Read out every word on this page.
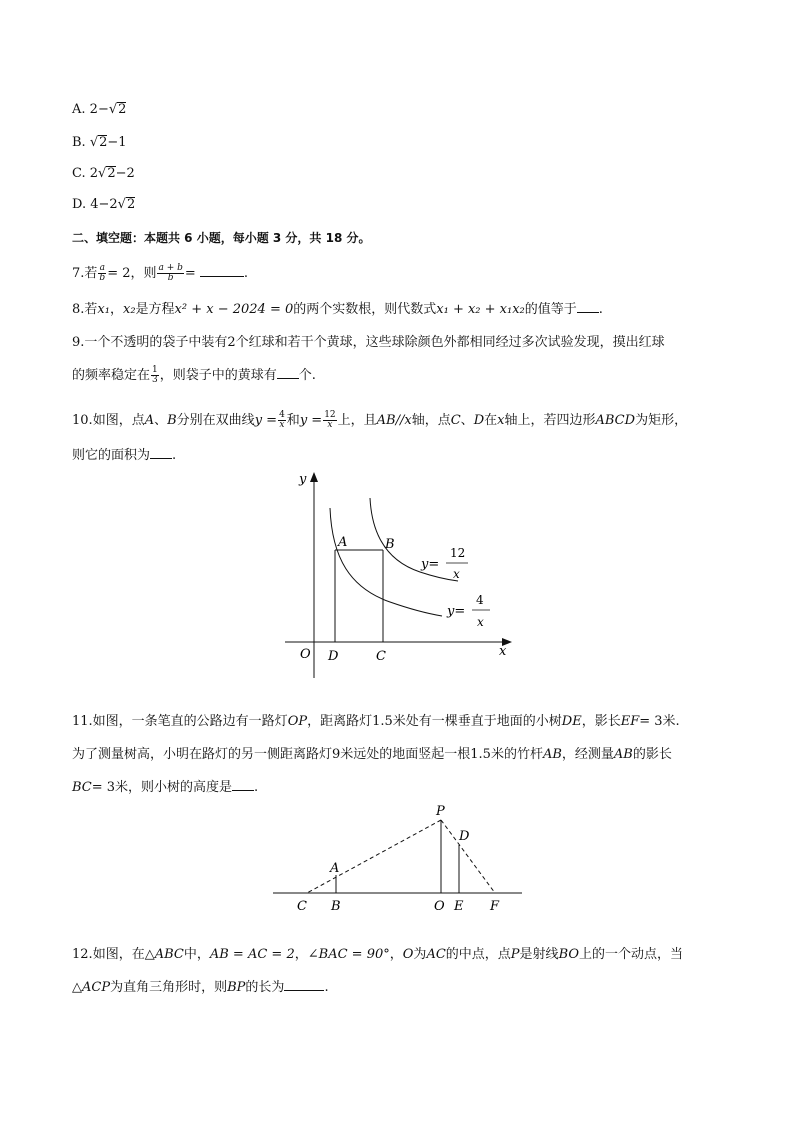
A. 2−√2
B. √2−1
C. 2√2−2
D. 4−2√2
二、填空题：本题共 6 小题，每小题 3 分，共 18 分。
7.若 $\frac{a}{b} = 2$，则 $\frac{a + b}{b}$ =	.
8.若x₁，x₂是方程x² + x − 2024 = 0的两个实数根，则代数式x₁ + x₂ + x₁x₂的值等于 .
9.一个不透明的袋子中装有2个红球和若干个黄球，这些球除颜色外都相同经过多次试验发现，摸出红球
的频率稳定在 $\frac{1}{3}$ ，则袋子中的黄球有 个.
10.如图，点A、B分别在双曲线$y = \frac{4}{x}$ 和$y = \frac{12}{x}$ 上，且AB//x轴，点C、D在x轴上，若四边形ABCD为矩形，
则它的面积为 .
y
x
O
A	B
D	C
y=
12
x
y=
4
x
11.如图，一条笔直的公路边有一路灯OP，距离路灯1.5米处有一棵垂直于地面的小树DE，影长EF= 3米.
为了测量树高，小明在路灯的另一侧距离路灯9米远处的地面竖起一根1.5米的竹杆AB，经测量AB的影长
BC= 3米，则小树的高度是 .
P
D
A
C B	O E F
12.如图，在△ABC中，AB = AC = 2，∠BAC = 90°，O为AC的中点，点P是射线BO上的一个动点，当
△ACP为直角三角形时，则BP的长为	.
